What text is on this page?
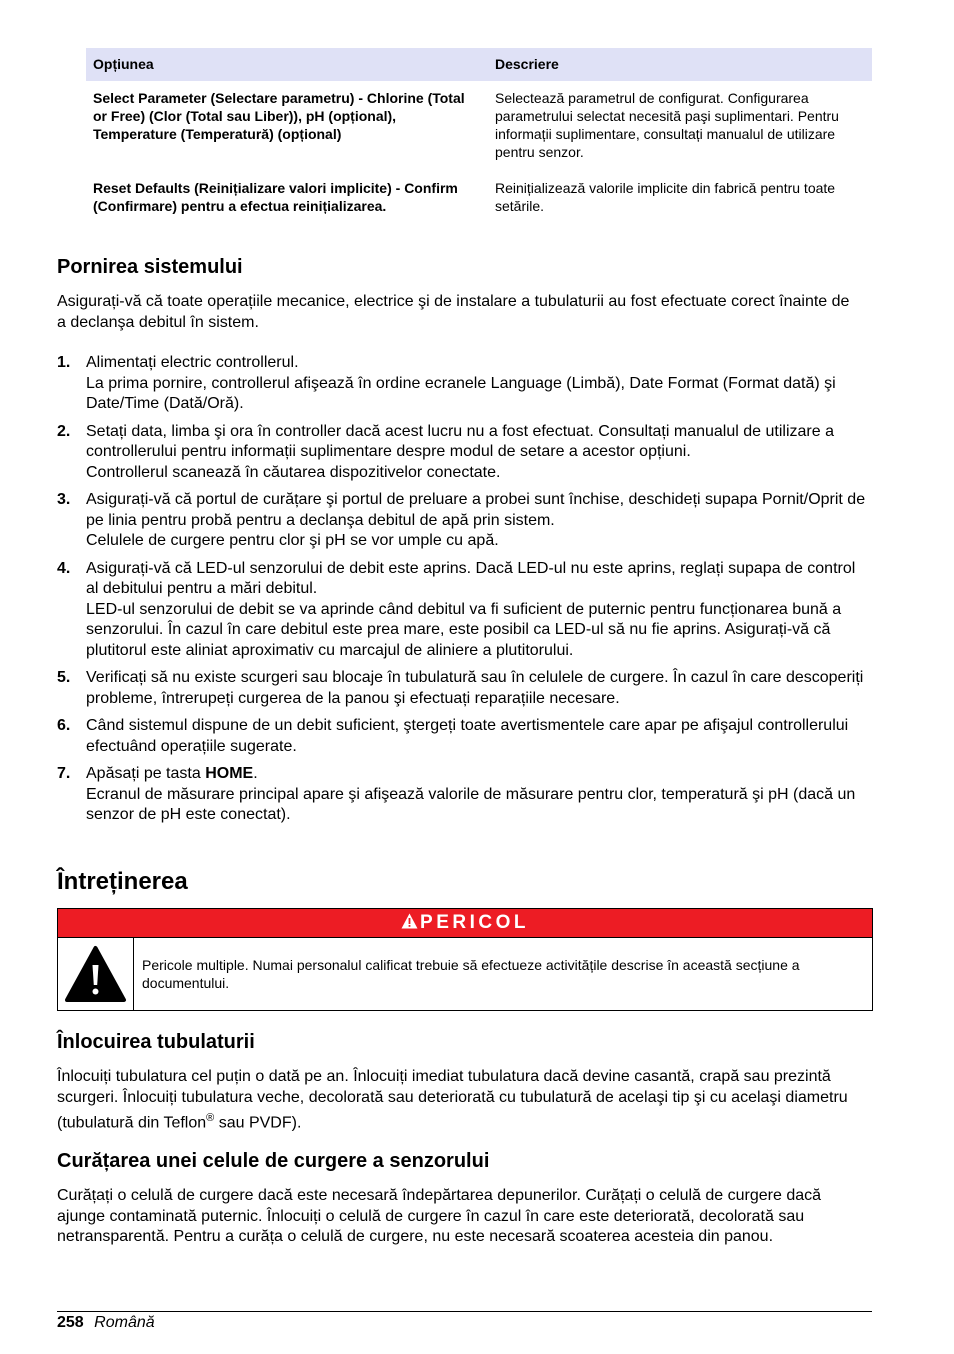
Opțiunea	Descriere
Select Parameter (Selectare parametru) - Chlorine (Total or Free) (Clor (Total sau Liber)), pH (opțional), Temperature (Temperatură) (opțional)	Selectează parametrul de configurat. Configurarea parametrului selectat necesită paşi suplimentari. Pentru informații suplimentare, consultați manualul de utilizare pentru senzor.
Reset Defaults (Reinițializare valori implicite) - Confirm (Confirmare) pentru a efectua reinițializarea.	Reinițializează valorile implicite din fabrică pentru toate setările.
Pornirea sistemului
Asigurați-vă că toate operațiile mecanice, electrice şi de instalare a tubulaturii au fost efectuate corect înainte de a declanşa debitul în sistem.
1. Alimentați electric controllerul.
La prima pornire, controllerul afişează în ordine ecranele Language (Limbă), Date Format (Format dată) şi Date/Time (Dată/Oră).
2. Setați data, limba şi ora în controller dacă acest lucru nu a fost efectuat. Consultați manualul de utilizare a controllerului pentru informații suplimentare despre modul de setare a acestor opțiuni.
Controllerul scanează în căutarea dispozitivelor conectate.
3. Asigurați-vă că portul de curățare şi portul de preluare a probei sunt închise, deschideți supapa Pornit/Oprit de pe linia pentru probă pentru a declanşa debitul de apă prin sistem.
Celulele de curgere pentru clor şi pH se vor umple cu apă.
4. Asigurați-vă că LED-ul senzorului de debit este aprins. Dacă LED-ul nu este aprins, reglați supapa de control al debitului pentru a mări debitul.
LED-ul senzorului de debit se va aprinde când debitul va fi suficient de puternic pentru funcționarea bună a senzorului. În cazul în care debitul este prea mare, este posibil ca LED-ul să nu fie aprins. Asigurați-vă că plutitorul este aliniat aproximativ cu marcajul de aliniere a plutitorului.
5. Verificați să nu existe scurgeri sau blocaje în tubulatură sau în celulele de curgere. În cazul în care descoperiți probleme, întrerupeți curgerea de la panou şi efectuați reparațiile necesare.
6. Când sistemul dispune de un debit suficient, ştergeți toate avertismentele care apar pe afişajul controllerului efectuând operațiile sugerate.
7. Apăsați pe tasta HOME.
Ecranul de măsurare principal apare şi afişează valorile de măsurare pentru clor, temperatură şi pH (dacă un senzor de pH este conectat).
Întreținerea
PERICOL
Pericole multiple. Numai personalul calificat trebuie să efectueze activitățile descrise în această secțiune a documentului.
Înlocuirea tubulaturii
Înlocuiți tubulatura cel puțin o dată pe an. Înlocuiți imediat tubulatura dacă devine casantă, crapă sau prezintă scurgeri. Înlocuiți tubulatura veche, decolorată sau deteriorată cu tubulatură de acelaşi tip şi cu acelaşi diametru (tubulatură din Teflon® sau PVDF).
Curățarea unei celule de curgere a senzorului
Curățați o celulă de curgere dacă este necesară îndepărtarea depunerilor. Curățați o celulă de curgere dacă ajunge contaminată puternic. Înlocuiți o celulă de curgere în cazul în care este deteriorată, decolorată sau netransparentă. Pentru a curăța o celulă de curgere, nu este necesară scoaterea acesteia din panou.
258 Română
